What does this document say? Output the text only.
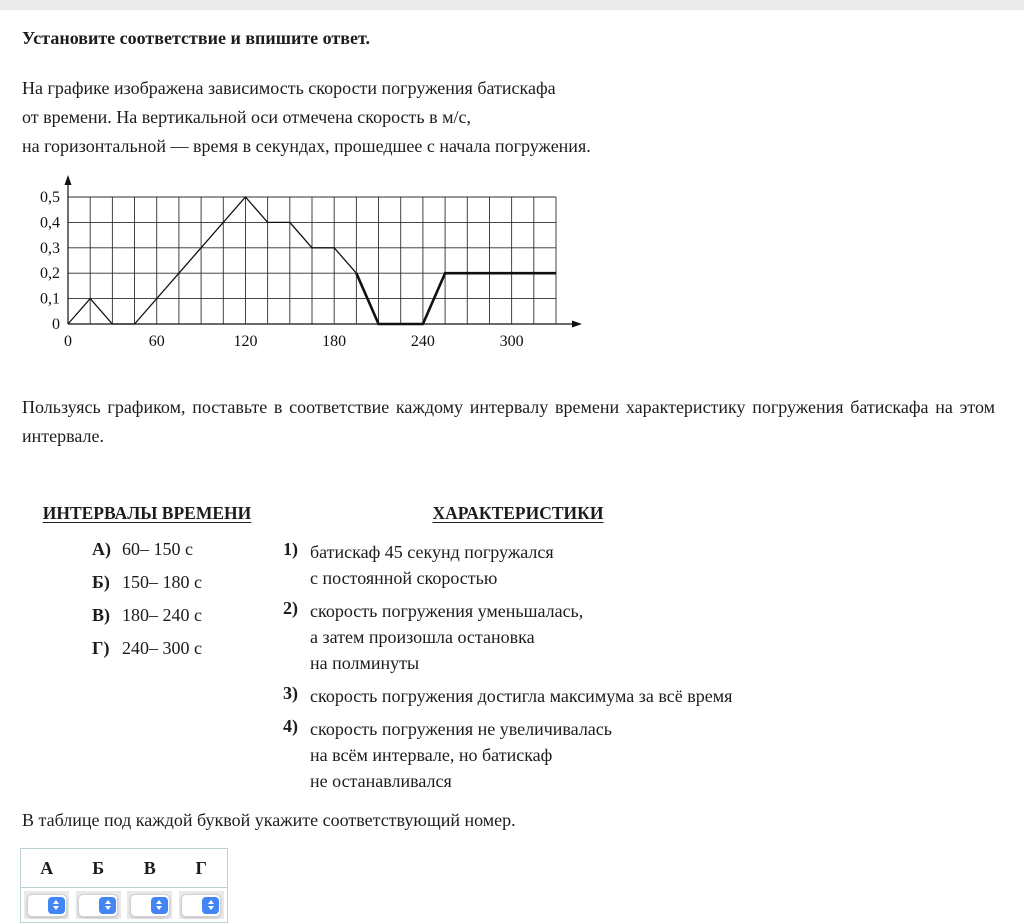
Установите соответствие и впишите ответ.
На графике изображена зависимость скорости погружения батискафа
от времени. На вертикальной оси отмечена скорость в м/с,
на горизонтальной — время в секундах, прошедшее с начала погружения.
0
0,1
0,2
0,3
0,4
0,5
0	60	120	180	240	300

Пользуясь графиком, поставьте в соответствие каждому интервалу времени характеристику погружения батискафа на этом интервале.

ИНТЕРВАЛЫ ВРЕМЕНИ
А) 60– 150 с
Б) 150– 180 с
В) 180– 240 с
Г) 240– 300 с
ХАРАКТЕРИСТИКИ
1) батискаф 45 секунд погружался
с постоянной скоростью
2) скорость погружения уменьшалась,
а затем произошла остановка
на полминуты
3) скорость погружения достигла максимума за всё время
4) скорость погружения не увеличивалась
на всём интервале, но батискаф
не останавливался

В таблице под каждой буквой укажите соответствующий номер.

А	Б	В	Г
